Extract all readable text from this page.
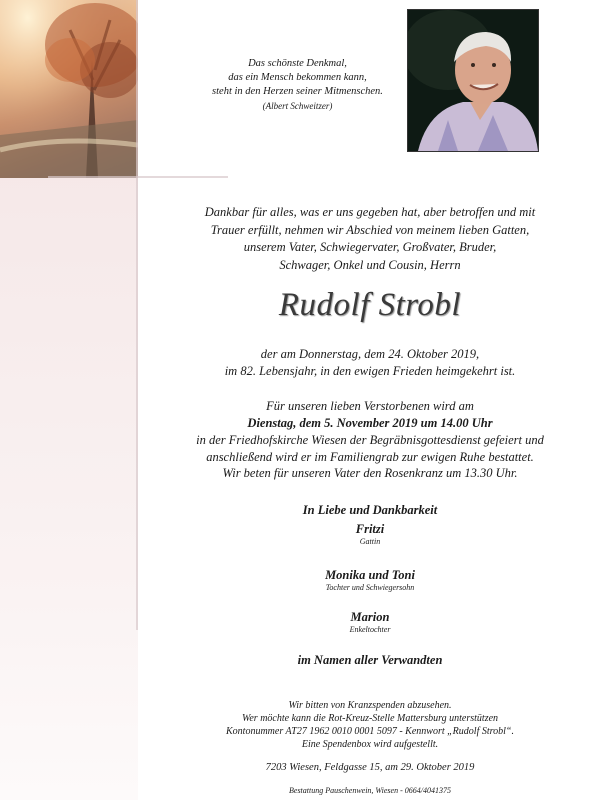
Das schönste Denkmal,
das ein Mensch bekommen kann,
steht in den Herzen seiner Mitmenschen.
(Albert Schweitzer)
Dankbar für alles, was er uns gegeben hat, aber betroffen und mit
Trauer erfüllt, nehmen wir Abschied von meinem lieben Gatten,
unserem Vater, Schwiegervater, Großvater, Bruder,
Schwager, Onkel und Cousin, Herrn
Rudolf Strobl
der am Donnerstag, dem 24. Oktober 2019,
im 82. Lebensjahr, in den ewigen Frieden heimgekehrt ist.
Für unseren lieben Verstorbenen wird am
Dienstag, dem 5. November 2019 um 14.00 Uhr
in der Friedhofskirche Wiesen der Begräbnisgottesdienst gefeiert und
anschließend wird er im Familiengrab zur ewigen Ruhe bestattet.
Wir beten für unseren Vater den Rosenkranz um 13.30 Uhr.
In Liebe und Dankbarkeit
Fritzi
Gattin
Monika und Toni
Tochter und Schwiegersohn
Marion
Enkeltochter
im Namen aller Verwandten
Wir bitten von Kranzspenden abzusehen.
Wer möchte kann die Rot-Kreuz-Stelle Mattersburg unterstützen
Kontonummer AT27 1962 0010 0001 5097 - Kennwort „Rudolf Strobl“.
Eine Spendenbox wird aufgestellt.
7203 Wiesen, Feldgasse 15, am 29. Oktober 2019
Bestattung Pauschenwein, Wiesen - 0664/4041375
